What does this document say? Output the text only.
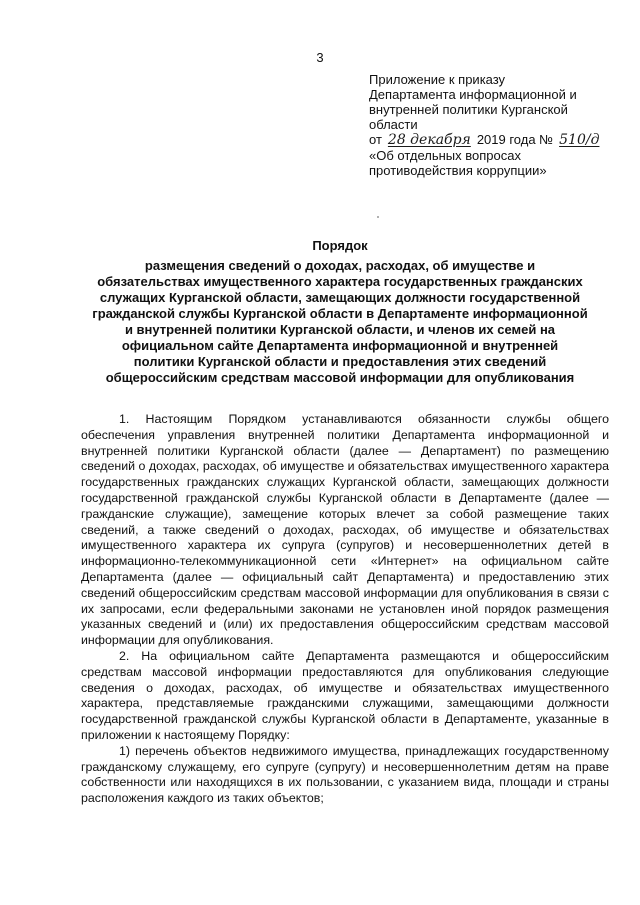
3
Приложение к приказу
Департамента информационной и
внутренней политики Курганской
области
от 28 декабря 2019 года № 510/д
«Об отдельных вопросах
противодействия коррупции»
Порядок
размещения сведений о доходах, расходах, об имуществе и
обязательствах имущественного характера государственных гражданских
служащих Курганской области, замещающих должности государственной
гражданской службы Курганской области в Департаменте информационной
и внутренней политики Курганской области, и членов их семей на
официальном сайте Департамента информационной и внутренней
политики Курганской области и предоставления этих сведений
общероссийским средствам массовой информации для опубликования

1. Настоящим Порядком устанавливаются обязанности службы общего обеспечения управления внутренней политики Департамента информационной и внутренней политики Курганской области (далее — Департамент) по размещению сведений о доходах, расходах, об имуществе и обязательствах имущественного характера государственных гражданских служащих Курганской области, замещающих должности государственной гражданской службы Курганской области в Департаменте (далее — гражданские служащие), замещение которых влечет за собой размещение таких сведений, а также сведений о доходах, расходах, об имуществе и обязательствах имущественного характера их супруга (супругов) и несовершеннолетних детей в информационно-телекоммуникационной сети «Интернет» на официальном сайте Департамента (далее — официальный сайт Департамента) и предоставлению этих сведений общероссийским средствам массовой информации для опубликования в связи с их запросами, если федеральными законами не установлен иной порядок размещения указанных сведений и (или) их предоставления общероссийским средствам массовой информации для опубликования.

2. На официальном сайте Департамента размещаются и общероссийским средствам массовой информации предоставляются для опубликования следующие сведения о доходах, расходах, об имуществе и обязательствах имущественного характера, представляемые гражданскими служащими, замещающими должности государственной гражданской службы Курганской области в Департаменте, указанные в приложении к настоящему Порядку:

1) перечень объектов недвижимого имущества, принадлежащих государственному гражданскому служащему, его супруге (супругу) и несовершеннолетним детям на праве собственности или находящихся в их пользовании, с указанием вида, площади и страны расположения каждого из таких объектов;
